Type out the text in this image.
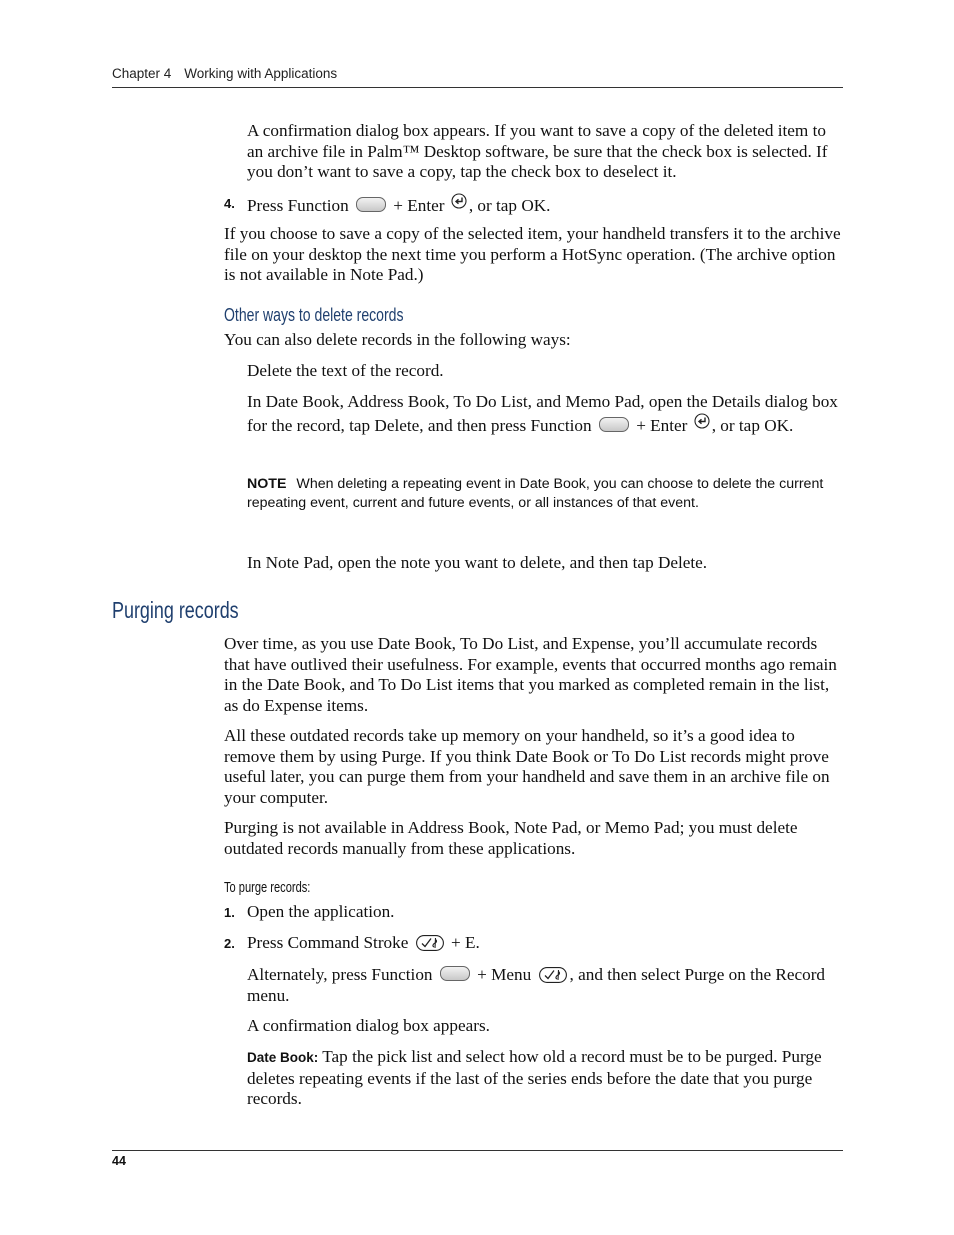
Chapter 4 Working with Applications
A confirmation dialog box appears. If you want to save a copy of the deleted item to an archive file in Palm™ Desktop software, be sure that the check box is selected. If you don’t want to save a copy, tap the check box to deselect it.
4. Press Function	+ Enter , or tap OK.
If you choose to save a copy of the selected item, your handheld transfers it to the archive file on your desktop the next time you perform a HotSync operation. (The archive option is not available in Note Pad.)
Other ways to delete records
You can also delete records in the following ways:
Delete the text of the record.
In Date Book, Address Book, To Do List, and Memo Pad, open the Details dialog box for the record, tap Delete, and then press Function	+ Enter , or tap OK.
NOTE When deleting a repeating event in Date Book, you can choose to delete the current repeating event, current and future events, or all instances of that event.
In Note Pad, open the note you want to delete, and then tap Delete.
Purging records
Over time, as you use Date Book, To Do List, and Expense, you’ll accumulate records that have outlived their usefulness. For example, events that occurred months ago remain in the Date Book, and To Do List items that you marked as completed remain in the list, as do Expense items.
All these outdated records take up memory on your handheld, so it’s a good idea to remove them by using Purge. If you think Date Book or To Do List records might prove useful later, you can purge them from your handheld and save them in an archive file on your computer.
Purging is not available in Address Book, Note Pad, or Memo Pad; you must delete outdated records manually from these applications.
To purge records:
1. Open the application.
2. Press Command Stroke + E.
Alternately, press Function	+ Menu , and then select Purge on the Record menu.
A confirmation dialog box appears.
Date Book: Tap the pick list and select how old a record must be to be purged. Purge deletes repeating events if the last of the series ends before the date that you purge records.
44
